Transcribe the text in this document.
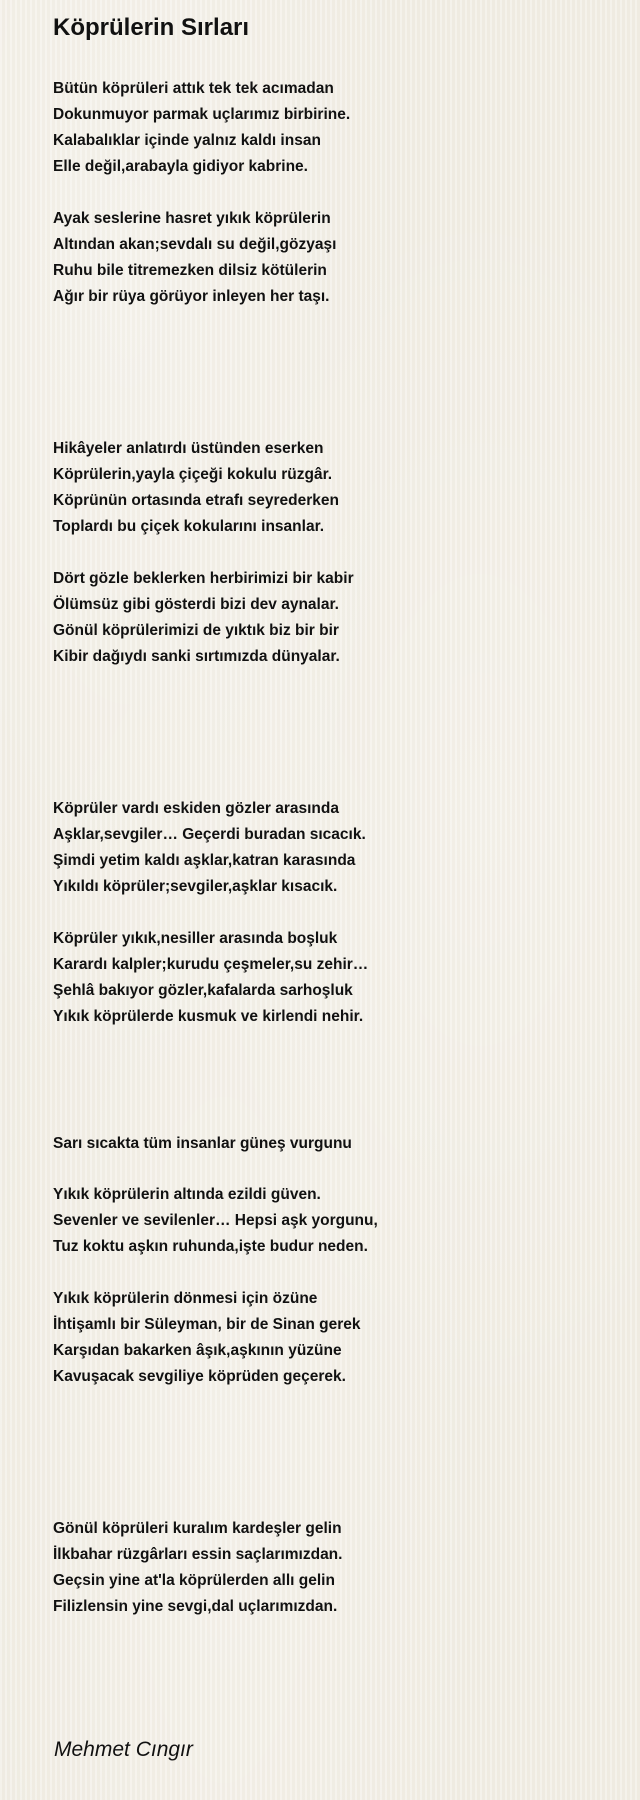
Köprülerin Sırları
Bütün köprüleri attık tek tek acımadan
Dokunmuyor parmak uçlarımız birbirine.
Kalabalıklar içinde yalnız kaldı insan
Elle değil,arabayla gidiyor kabrine.
Ayak seslerine hasret yıkık köprülerin
Altından akan;sevdalı su değil,gözyaşı
Ruhu bile titremezken dilsiz kötülerin
Ağır bir rüya görüyor inleyen her taşı.
Hikâyeler anlatırdı üstünden eserken
Köprülerin,yayla çiçeği kokulu rüzgâr.
Köprünün ortasında etrafı seyrederken
Toplardı bu çiçek kokularını insanlar.
Dört gözle beklerken herbirimizi bir kabir
Ölümsüz gibi gösterdi bizi dev aynalar.
Gönül köprülerimizi de yıktık biz bir bir
Kibir dağıydı sanki sırtımızda dünyalar.
Köprüler vardı eskiden gözler arasında
Aşklar,sevgiler… Geçerdi buradan sıcacık.
Şimdi yetim kaldı aşklar,katran karasında
Yıkıldı köprüler;sevgiler,aşklar kısacık.
Köprüler yıkık,nesiller arasında boşluk
Karardı kalpler;kurudu çeşmeler,su zehir…
Şehlâ bakıyor gözler,kafalarda sarhoşluk
Yıkık köprülerde kusmuk ve kirlendi nehir.
Sarı sıcakta tüm insanlar güneş vurgunu
Yıkık köprülerin altında ezildi güven.
Sevenler ve sevilenler… Hepsi aşk yorgunu,
Tuz koktu aşkın ruhunda,işte budur neden.
Yıkık köprülerin dönmesi için özüne
İhtişamlı bir Süleyman, bir de Sinan gerek
Karşıdan bakarken âşık,aşkının yüzüne
Kavuşacak sevgiliye köprüden geçerek.
Gönül köprüleri kuralım kardeşler gelin
İlkbahar rüzgârları essin saçlarımızdan.
Geçsin yine at'la köprülerden allı gelin
Filizlensin yine sevgi,dal uçlarımızdan.

Mehmet Cıngır
